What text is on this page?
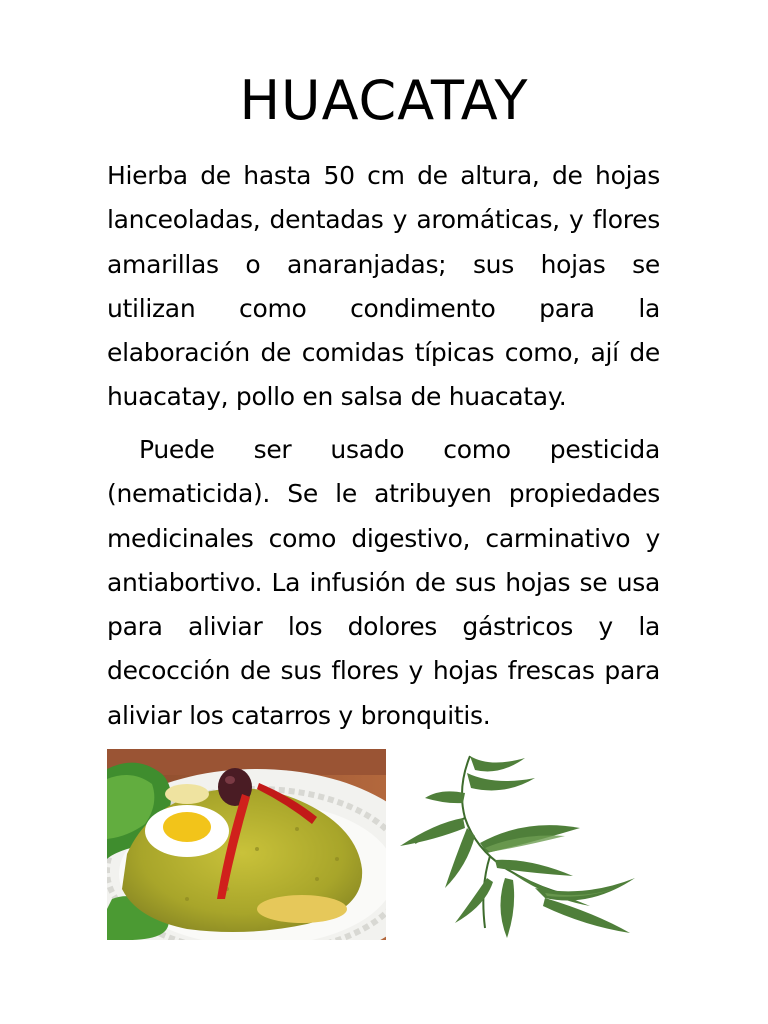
HUACATAY

Hierba de hasta 50 cm de altura, de hojas lanceoladas, dentadas y aromáticas, y flores amarillas o anaranjadas; sus hojas se utilizan como condimento para la elaboración de comidas típicas como, ají de huacatay, pollo en salsa de huacatay.

Puede ser usado como pesticida (nematicida). Se le atribuyen propiedades medicinales como digestivo, carminativo y antiabortivo. La infusión de sus hojas se usa para aliviar los dolores gástricos y la decocción de sus flores y hojas frescas para aliviar los catarros y bronquitis.
